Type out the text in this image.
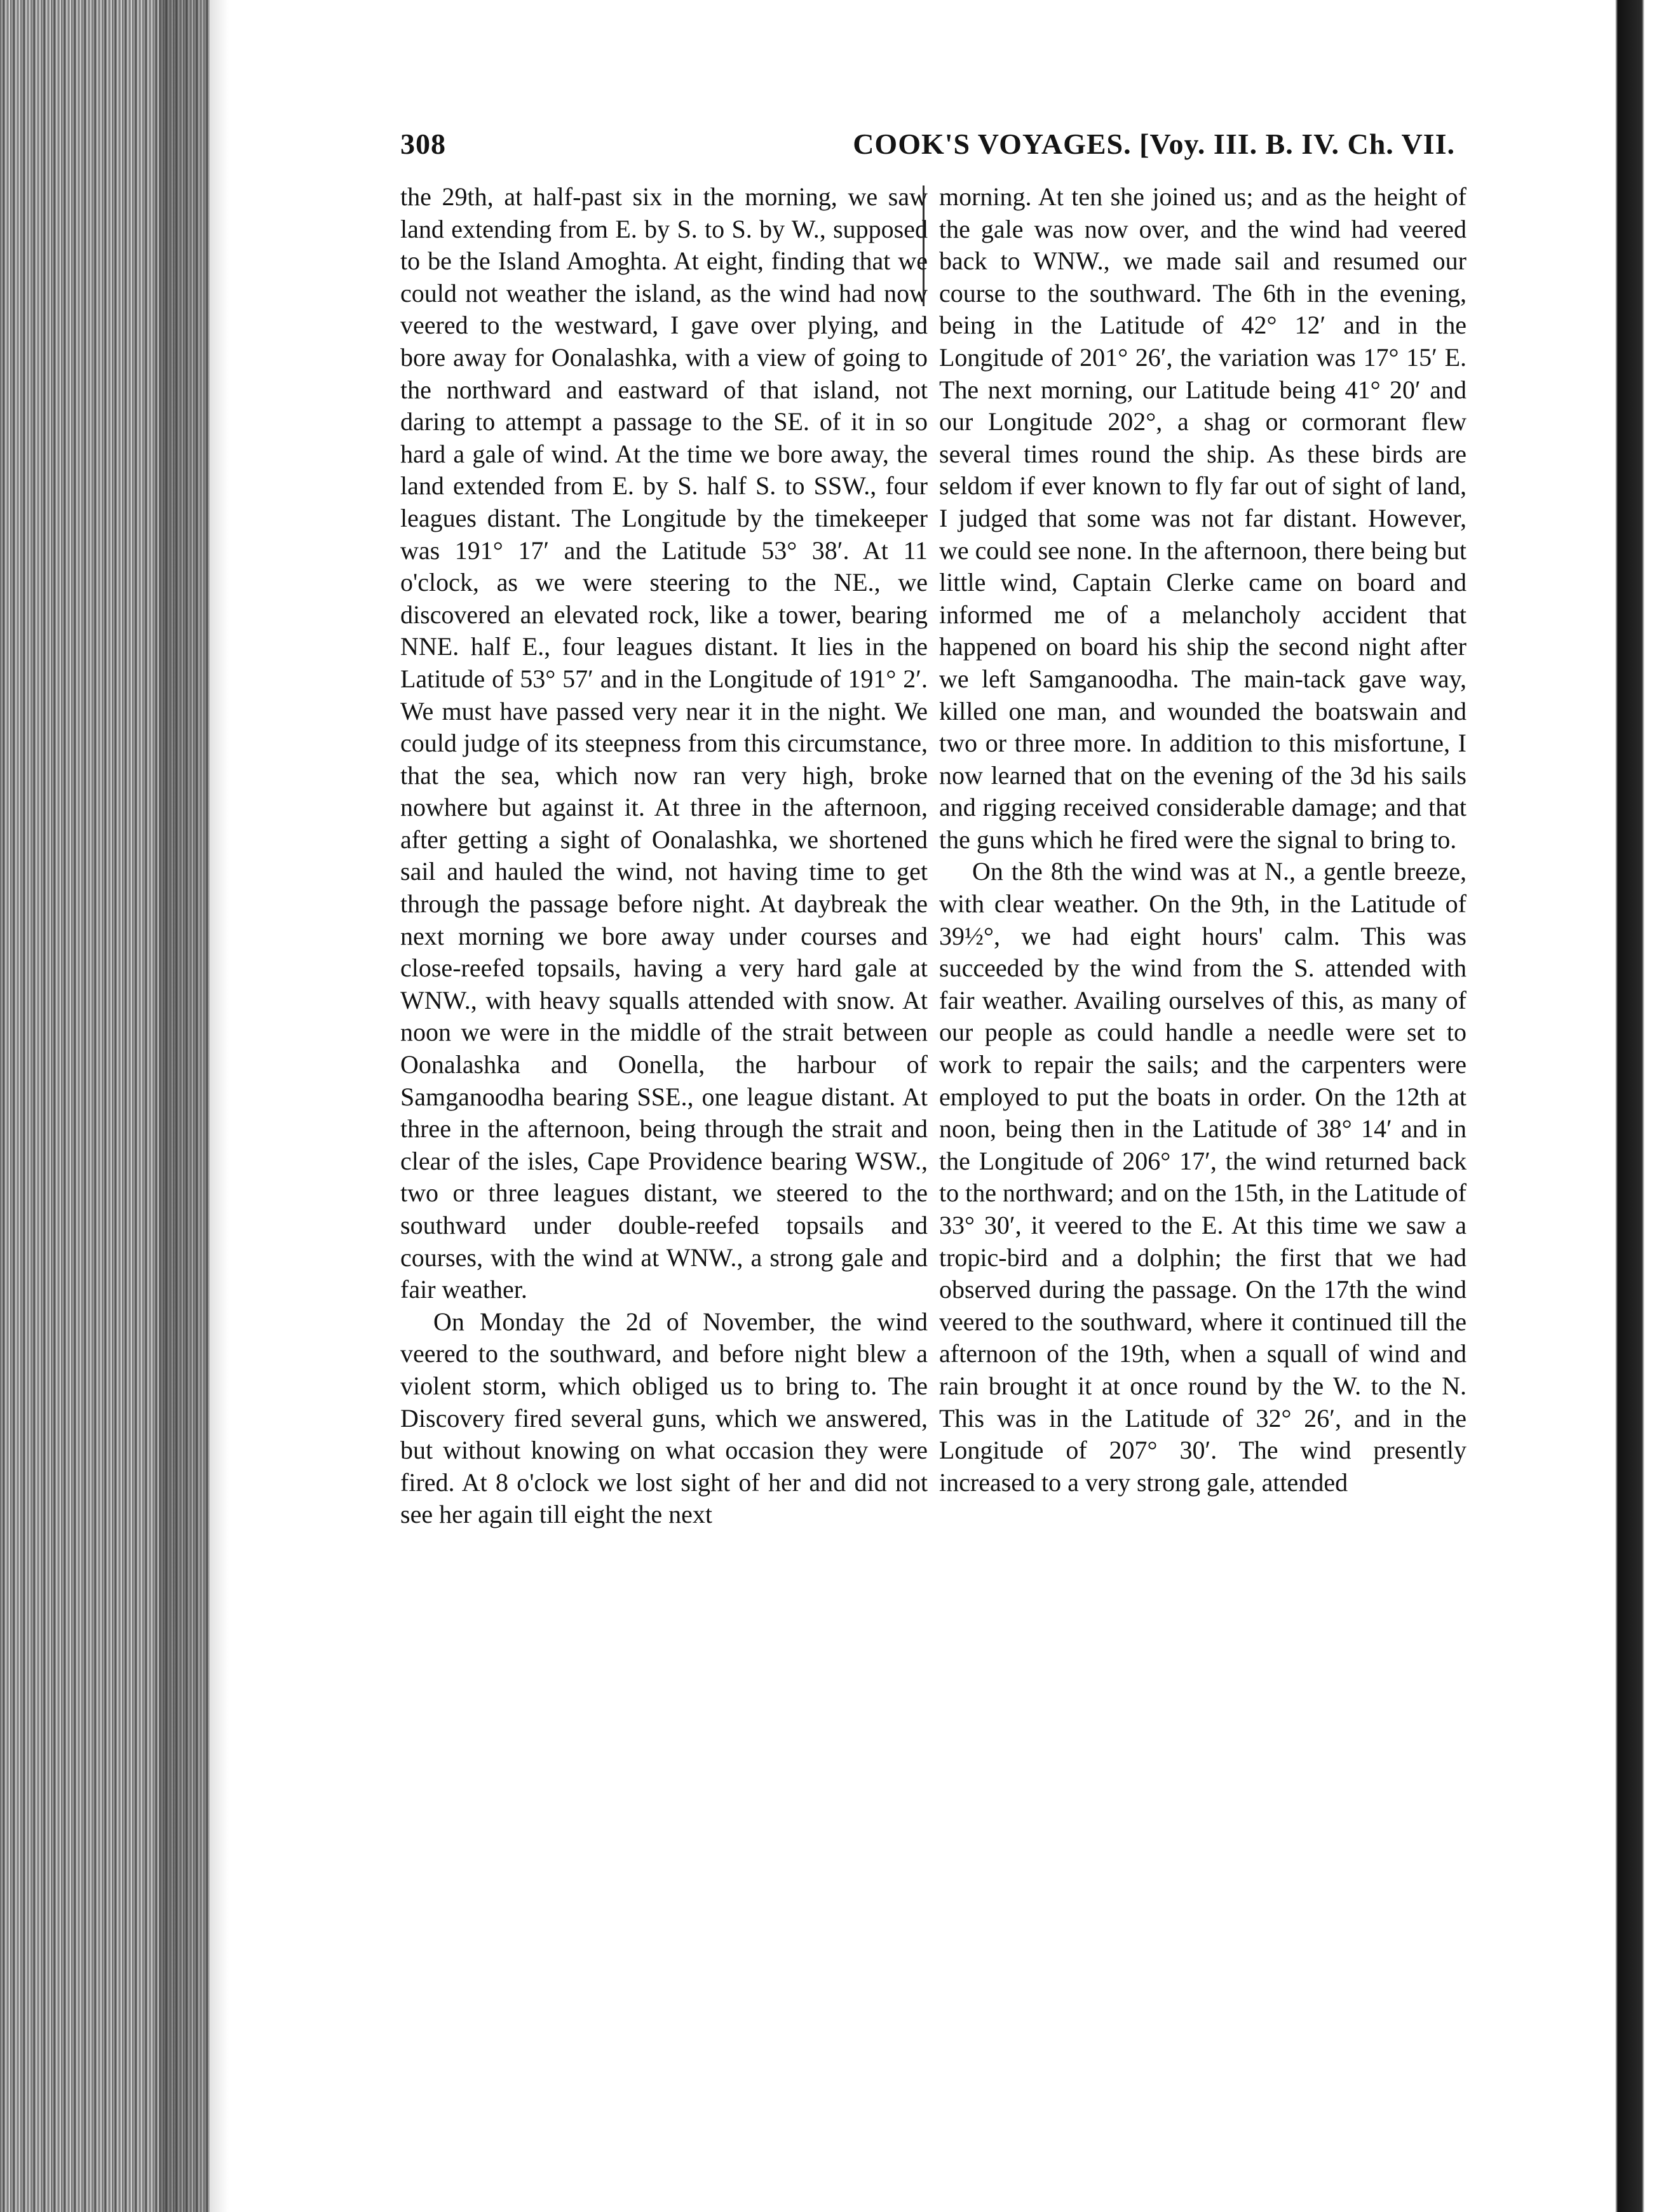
308	COOK'S VOYAGES. [Voy. III. B. IV. Ch. VII.

the 29th, at half-past six in the morning, we saw land extending from E. by S. to S. by W., supposed to be the Island Amoghta. At eight, finding that we could not weather the island, as the wind had now veered to the westward, I gave over plying, and bore away for Oonalashka, with a view of going to the northward and eastward of that island, not daring to attempt a passage to the SE. of it in so hard a gale of wind. At the time we bore away, the land extended from E. by S. half S. to SSW., four leagues distant. The Longitude by the timekeeper was 191° 17′ and the Latitude 53° 38′. At 11 o'clock, as we were steering to the NE., we discovered an elevated rock, like a tower, bearing NNE. half E., four leagues distant. It lies in the Latitude of 53° 57′ and in the Longitude of 191° 2′. We must have passed very near it in the night. We could judge of its steepness from this circumstance, that the sea, which now ran very high, broke nowhere but against it. At three in the afternoon, after getting a sight of Oonalashka, we shortened sail and hauled the wind, not having time to get through the passage before night. At daybreak the next morning we bore away under courses and close-reefed topsails, having a very hard gale at WNW., with heavy squalls attended with snow. At noon we were in the middle of the strait between Oonalashka and Oonella, the harbour of Samganoodha bearing SSE., one league distant. At three in the afternoon, being through the strait and clear of the isles, Cape Providence bearing WSW., two or three leagues distant, we steered to the southward under double-reefed topsails and courses, with the wind at WNW., a strong gale and fair weather.

On Monday the 2d of November, the wind veered to the southward, and before night blew a violent storm, which obliged us to bring to. The Discovery fired several guns, which we answered, but without knowing on what occasion they were fired. At 8 o'clock we lost sight of her and did not see her again till eight the next

morning. At ten she joined us; and as the height of the gale was now over, and the wind had veered back to WNW., we made sail and resumed our course to the southward. The 6th in the evening, being in the Latitude of 42° 12′ and in the Longitude of 201° 26′, the variation was 17° 15′ E. The next morning, our Latitude being 41° 20′ and our Longitude 202°, a shag or cormorant flew several times round the ship. As these birds are seldom if ever known to fly far out of sight of land, I judged that some was not far distant. However, we could see none. In the afternoon, there being but little wind, Captain Clerke came on board and informed me of a melancholy accident that happened on board his ship the second night after we left Samganoodha. The main-tack gave way, killed one man, and wounded the boatswain and two or three more. In addition to this misfortune, I now learned that on the evening of the 3d his sails and rigging received considerable damage; and that the guns which he fired were the signal to bring to.

On the 8th the wind was at N., a gentle breeze, with clear weather. On the 9th, in the Latitude of 39½°, we had eight hours' calm. This was succeeded by the wind from the S. attended with fair weather. Availing ourselves of this, as many of our people as could handle a needle were set to work to repair the sails; and the carpenters were employed to put the boats in order. On the 12th at noon, being then in the Latitude of 38° 14′ and in the Longitude of 206° 17′, the wind returned back to the northward; and on the 15th, in the Latitude of 33° 30′, it veered to the E. At this time we saw a tropic-bird and a dolphin; the first that we had observed during the passage. On the 17th the wind veered to the southward, where it continued till the afternoon of the 19th, when a squall of wind and rain brought it at once round by the W. to the N. This was in the Latitude of 32° 26′, and in the Longitude of 207° 30′. The wind presently increased to a very strong gale, attended
